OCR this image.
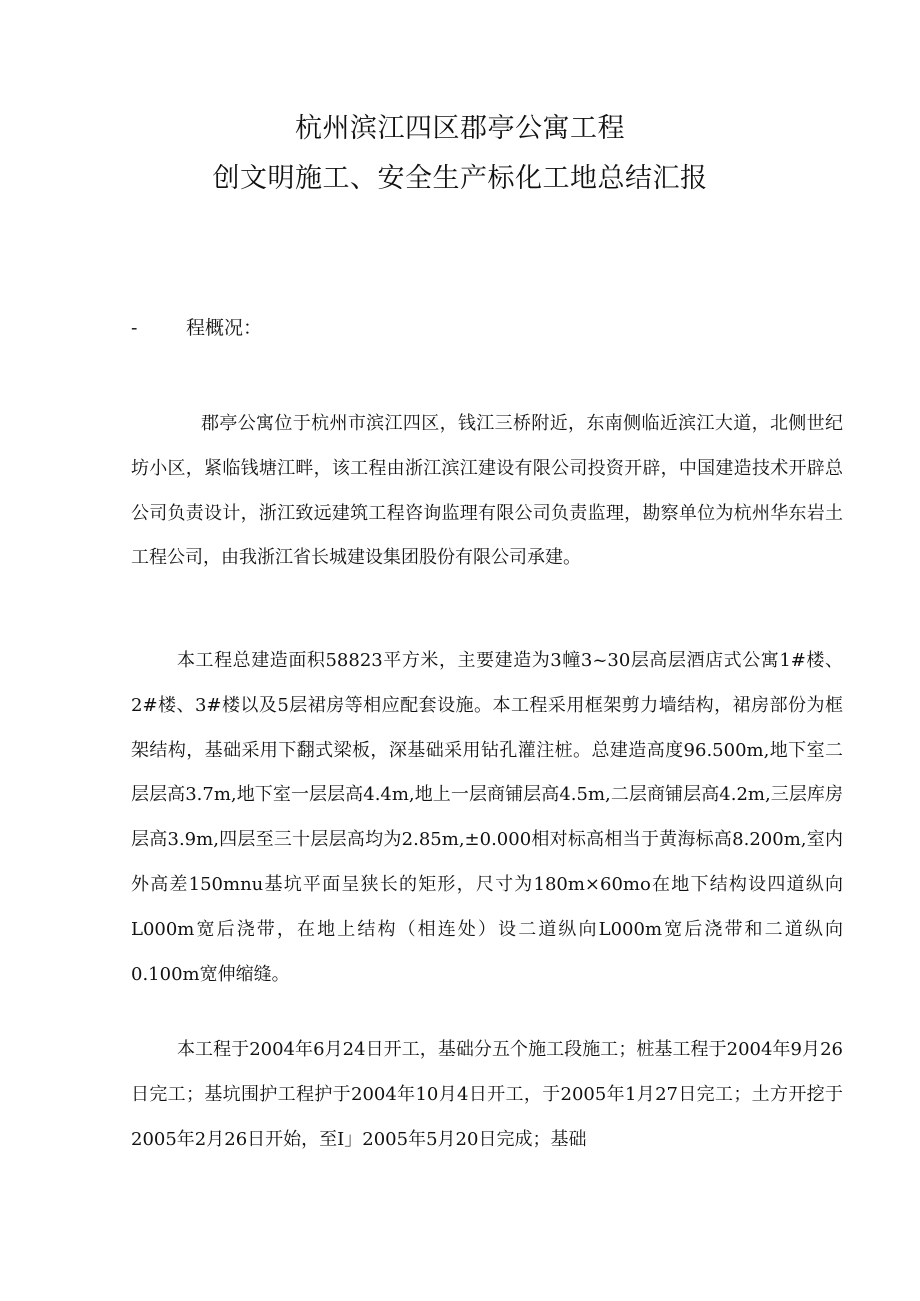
杭州滨江四区郡亭公寓工程
创文明施工、安全生产标化工地总结汇报
-	程概况：

郡亭公寓位于杭州市滨江四区，钱江三桥附近，东南侧临近滨江大道，北侧世纪坊小区，紧临钱塘江畔，该工程由浙江滨江建设有限公司投资开辟，中国建造技术开辟总公司负责设计，浙江致远建筑工程咨询监理有限公司负责监理，勘察单位为杭州华东岩土工程公司，由我浙江省长城建设集团股份有限公司承建。

本工程总建造面积58823平方米，主要建造为3幢3~30层高层酒店式公寓1#楼、2#楼、3#楼以及5层裙房等相应配套设施。本工程采用框架剪力墙结构，裙房部份为框架结构，基础采用下翻式梁板，深基础采用钻孔灌注桩。总建造高度96.500m,地下室二层层高3.7m,地下室一层层高4.4m,地上一层商铺层高4.5m,二层商铺层高4.2m,三层库房层高3.9m,四层至三十层层高均为2.85m,±0.000相对标高相当于黄海标高8.200m,室内外高差150mnu基坑平面呈狭长的矩形，尺寸为180m×60mo在地下结构设四道纵向L000m宽后浇带，在地上结构（相连处）设二道纵向L000m宽后浇带和二道纵向0.100m宽伸缩缝。

本工程于2004年6月24日开工，基础分五个施工段施工；桩基工程于2004年9月26日完工；基坑围护工程护于2004年10月4日开工，于2005年1月27日完工；土方开挖于2005年2月26日开始，至I」2005年5月20日完成；基础
